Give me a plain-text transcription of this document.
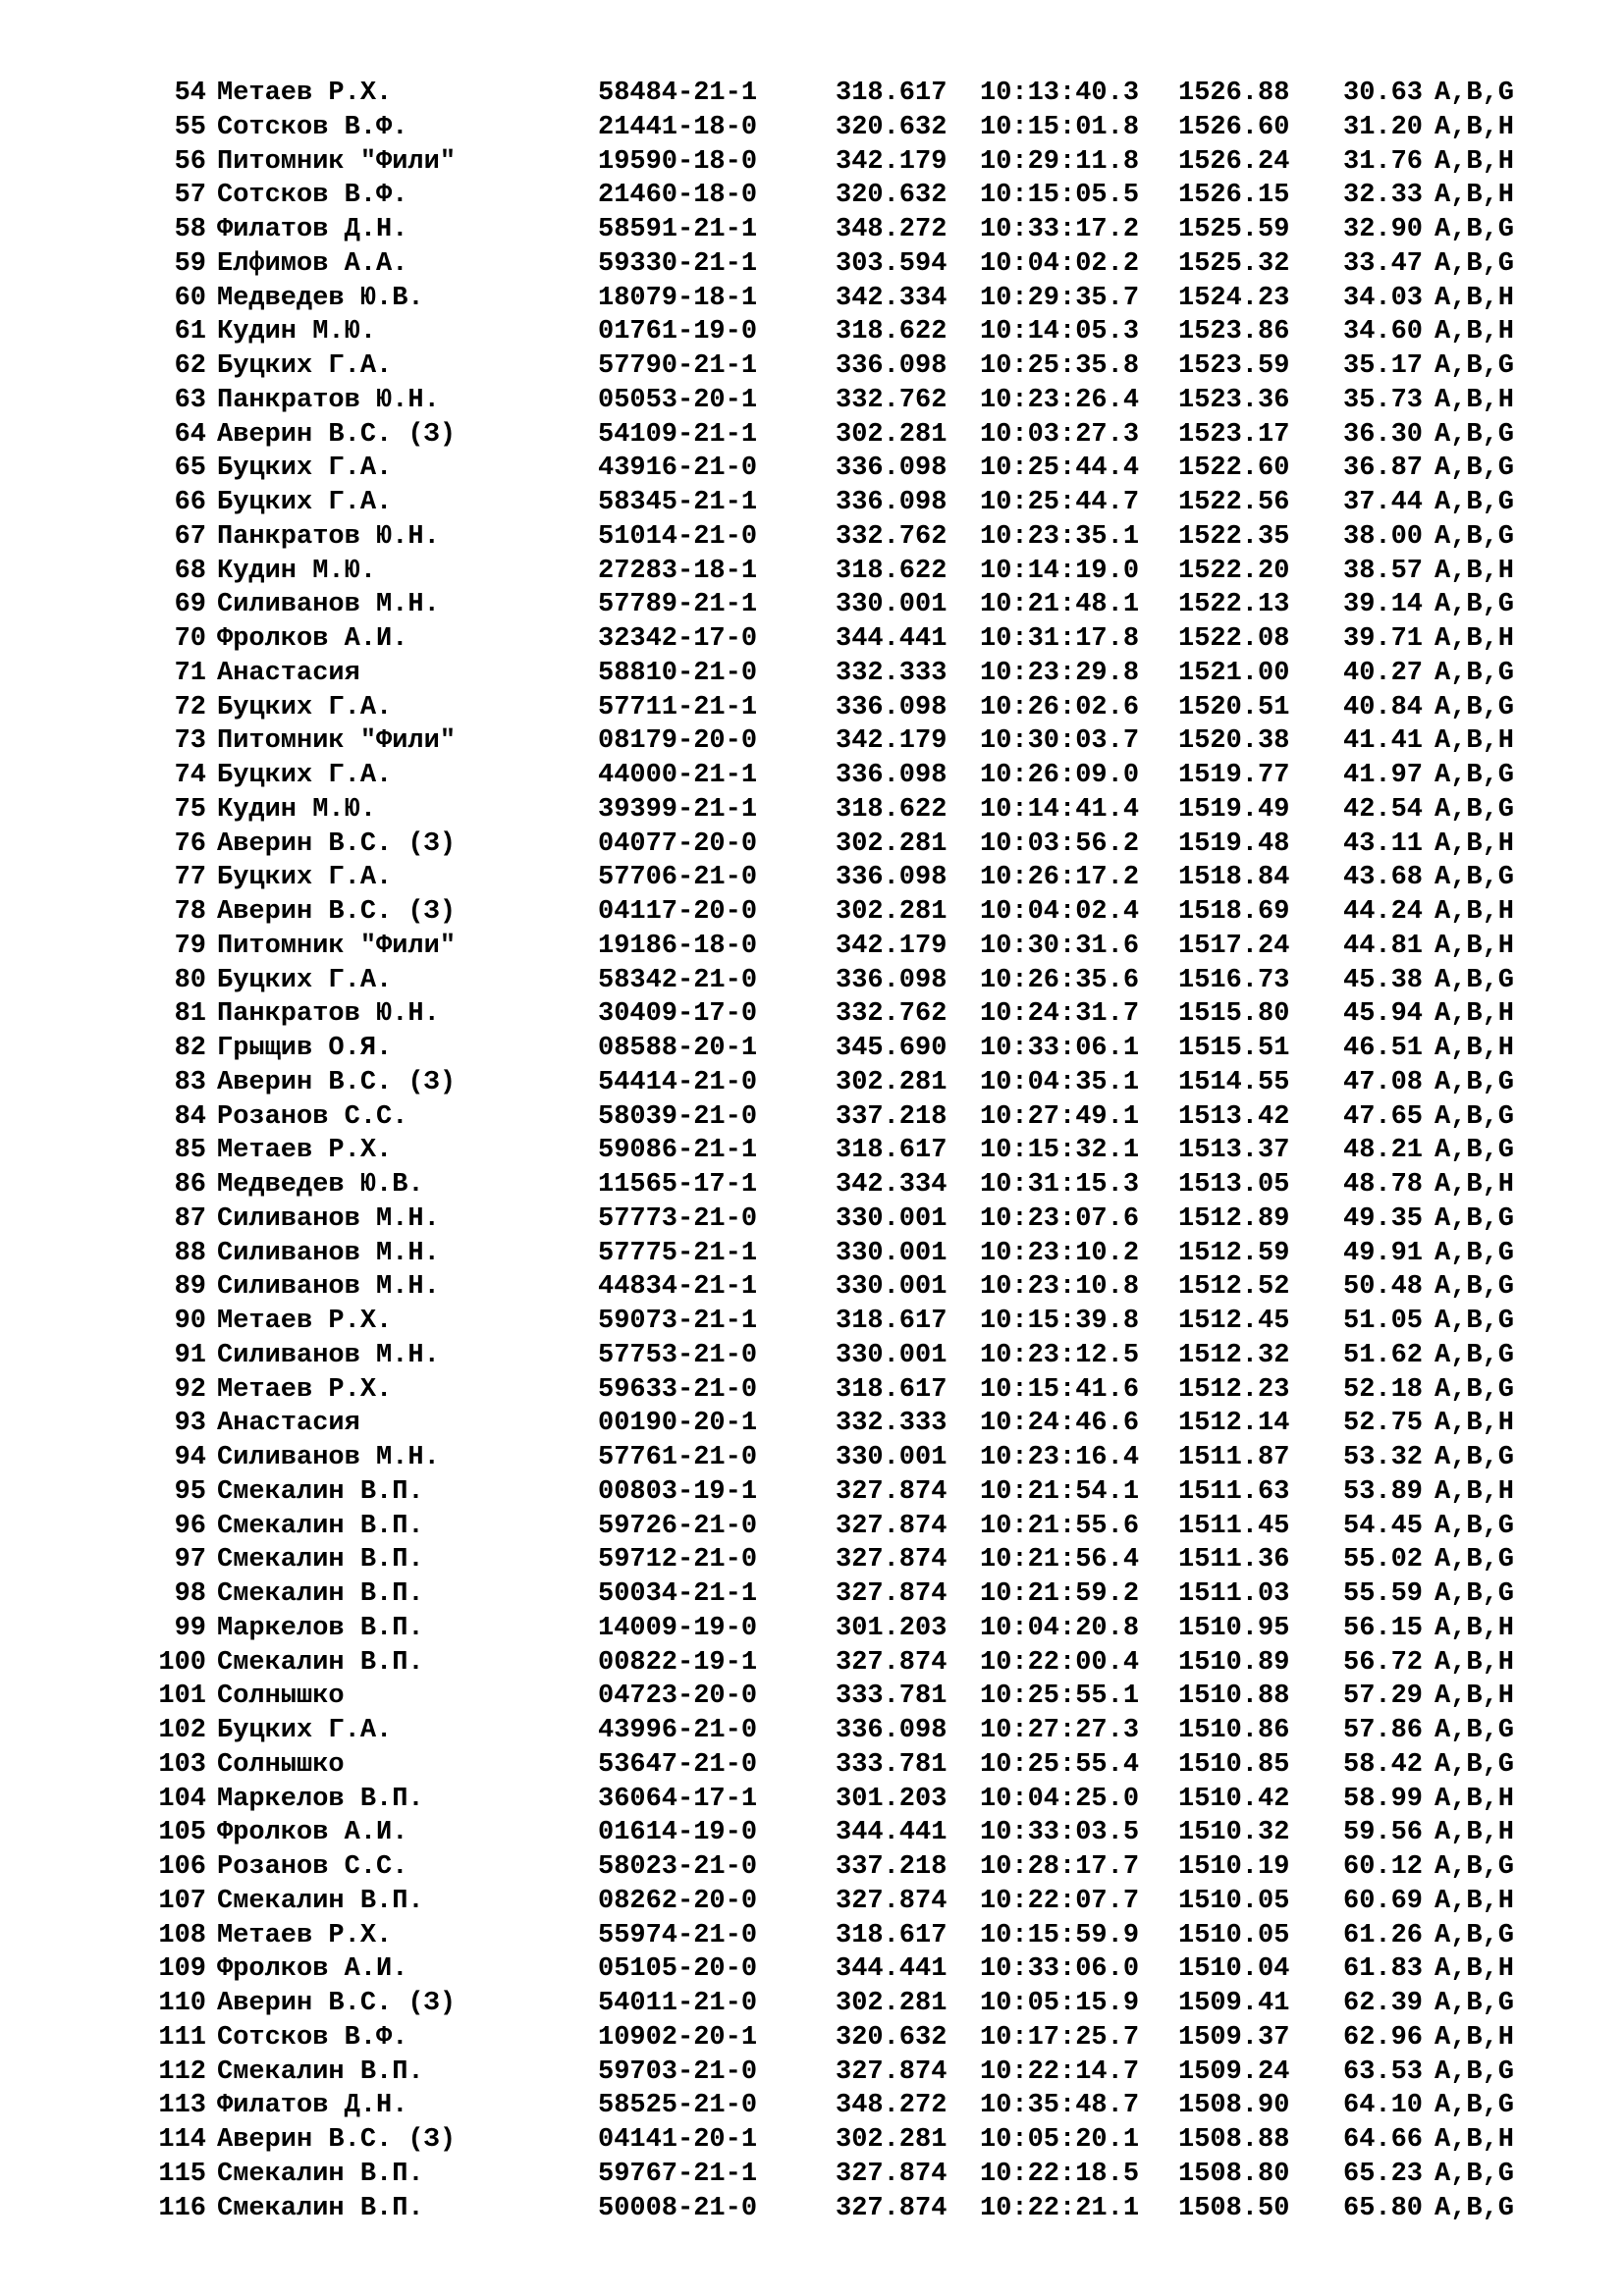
54 Метаев Р.Х.	58484-21-1	318.617 10:13:40.3 1526.88 30.63 A,B,G
55 Сотсков В.Ф.	21441-18-0	320.632 10:15:01.8 1526.60 31.20 A,B,H
56 Питомник "Фили"	19590-18-0	342.179 10:29:11.8 1526.24 31.76 A,B,H
57 Сотсков В.Ф.	21460-18-0	320.632 10:15:05.5 1526.15 32.33 A,B,H
58 Филатов Д.Н.	58591-21-1	348.272 10:33:17.2 1525.59 32.90 A,B,G
59 Елфимов А.А.	59330-21-1	303.594 10:04:02.2 1525.32 33.47 A,B,G
60 Медведев Ю.В.	18079-18-1	342.334 10:29:35.7 1524.23 34.03 A,B,H
61 Кудин М.Ю.	01761-19-0	318.622 10:14:05.3 1523.86 34.60 A,B,H
62 Буцких Г.А.	57790-21-1	336.098 10:25:35.8 1523.59 35.17 A,B,G
63 Панкратов Ю.Н.	05053-20-1	332.762 10:23:26.4 1523.36 35.73 A,B,H
64 Аверин В.С. (З)	54109-21-1	302.281 10:03:27.3 1523.17 36.30 A,B,G
65 Буцких Г.А.	43916-21-0	336.098 10:25:44.4 1522.60 36.87 A,B,G
66 Буцких Г.А.	58345-21-1	336.098 10:25:44.7 1522.56 37.44 A,B,G
67 Панкратов Ю.Н.	51014-21-0	332.762 10:23:35.1 1522.35 38.00 A,B,G
68 Кудин М.Ю.	27283-18-1	318.622 10:14:19.0 1522.20 38.57 A,B,H
69 Силиванов М.Н.	57789-21-1	330.001 10:21:48.1 1522.13 39.14 A,B,G
70 Фролков А.И.	32342-17-0	344.441 10:31:17.8 1522.08 39.71 A,B,H
71 Анастасия	58810-21-0	332.333 10:23:29.8 1521.00 40.27 A,B,G
72 Буцких Г.А.	57711-21-1	336.098 10:26:02.6 1520.51 40.84 A,B,G
73 Питомник "Фили"	08179-20-0	342.179 10:30:03.7 1520.38 41.41 A,B,H
74 Буцких Г.А.	44000-21-1	336.098 10:26:09.0 1519.77 41.97 A,B,G
75 Кудин М.Ю.	39399-21-1	318.622 10:14:41.4 1519.49 42.54 A,B,G
76 Аверин В.С. (З)	04077-20-0	302.281 10:03:56.2 1519.48 43.11 A,B,H
77 Буцких Г.А.	57706-21-0	336.098 10:26:17.2 1518.84 43.68 A,B,G
78 Аверин В.С. (З)	04117-20-0	302.281 10:04:02.4 1518.69 44.24 A,B,H
79 Питомник "Фили"	19186-18-0	342.179 10:30:31.6 1517.24 44.81 A,B,H
80 Буцких Г.А.	58342-21-0	336.098 10:26:35.6 1516.73 45.38 A,B,G
81 Панкратов Ю.Н.	30409-17-0	332.762 10:24:31.7 1515.80 45.94 A,B,H
82 Грыщив О.Я.	08588-20-1	345.690 10:33:06.1 1515.51 46.51 A,B,H
83 Аверин В.С. (З)	54414-21-0	302.281 10:04:35.1 1514.55 47.08 A,B,G
84 Розанов С.С.	58039-21-0	337.218 10:27:49.1 1513.42 47.65 A,B,G
85 Метаев Р.Х.	59086-21-1	318.617 10:15:32.1 1513.37 48.21 A,B,G
86 Медведев Ю.В.	11565-17-1	342.334 10:31:15.3 1513.05 48.78 A,B,H
87 Силиванов М.Н.	57773-21-0	330.001 10:23:07.6 1512.89 49.35 A,B,G
88 Силиванов М.Н.	57775-21-1	330.001 10:23:10.2 1512.59 49.91 A,B,G
89 Силиванов М.Н.	44834-21-1	330.001 10:23:10.8 1512.52 50.48 A,B,G
90 Метаев Р.Х.	59073-21-1	318.617 10:15:39.8 1512.45 51.05 A,B,G
91 Силиванов М.Н.	57753-21-0	330.001 10:23:12.5 1512.32 51.62 A,B,G
92 Метаев Р.Х.	59633-21-0	318.617 10:15:41.6 1512.23 52.18 A,B,G
93 Анастасия	00190-20-1	332.333 10:24:46.6 1512.14 52.75 A,B,H
94 Силиванов М.Н.	57761-21-0	330.001 10:23:16.4 1511.87 53.32 A,B,G
95 Смекалин В.П.	00803-19-1	327.874 10:21:54.1 1511.63 53.89 A,B,H
96 Смекалин В.П.	59726-21-0	327.874 10:21:55.6 1511.45 54.45 A,B,G
97 Смекалин В.П.	59712-21-0	327.874 10:21:56.4 1511.36 55.02 A,B,G
98 Смекалин В.П.	50034-21-1	327.874 10:21:59.2 1511.03 55.59 A,B,G
99 Маркелов В.П.	14009-19-0	301.203 10:04:20.8 1510.95 56.15 A,B,H
100 Смекалин В.П.	00822-19-1	327.874 10:22:00.4 1510.89 56.72 A,B,H
101 Солнышко	04723-20-0	333.781 10:25:55.1 1510.88 57.29 A,B,H
102 Буцких Г.А.	43996-21-0	336.098 10:27:27.3 1510.86 57.86 A,B,G
103 Солнышко	53647-21-0	333.781 10:25:55.4 1510.85 58.42 A,B,G
104 Маркелов В.П.	36064-17-1	301.203 10:04:25.0 1510.42 58.99 A,B,H
105 Фролков А.И.	01614-19-0	344.441 10:33:03.5 1510.32 59.56 A,B,H
106 Розанов С.С.	58023-21-0	337.218 10:28:17.7 1510.19 60.12 A,B,G
107 Смекалин В.П.	08262-20-0	327.874 10:22:07.7 1510.05 60.69 A,B,H
108 Метаев Р.Х.	55974-21-0	318.617 10:15:59.9 1510.05 61.26 A,B,G
109 Фролков А.И.	05105-20-0	344.441 10:33:06.0 1510.04 61.83 A,B,H
110 Аверин В.С. (З)	54011-21-0	302.281 10:05:15.9 1509.41 62.39 A,B,G
111 Сотсков В.Ф.	10902-20-1	320.632 10:17:25.7 1509.37 62.96 A,B,H
112 Смекалин В.П.	59703-21-0	327.874 10:22:14.7 1509.24 63.53 A,B,G
113 Филатов Д.Н.	58525-21-0	348.272 10:35:48.7 1508.90 64.10 A,B,G
114 Аверин В.С. (З)	04141-20-1	302.281 10:05:20.1 1508.88 64.66 A,B,H
115 Смекалин В.П.	59767-21-1	327.874 10:22:18.5 1508.80 65.23 A,B,G
116 Смекалин В.П.	50008-21-0	327.874 10:22:21.1 1508.50 65.80 A,B,G
